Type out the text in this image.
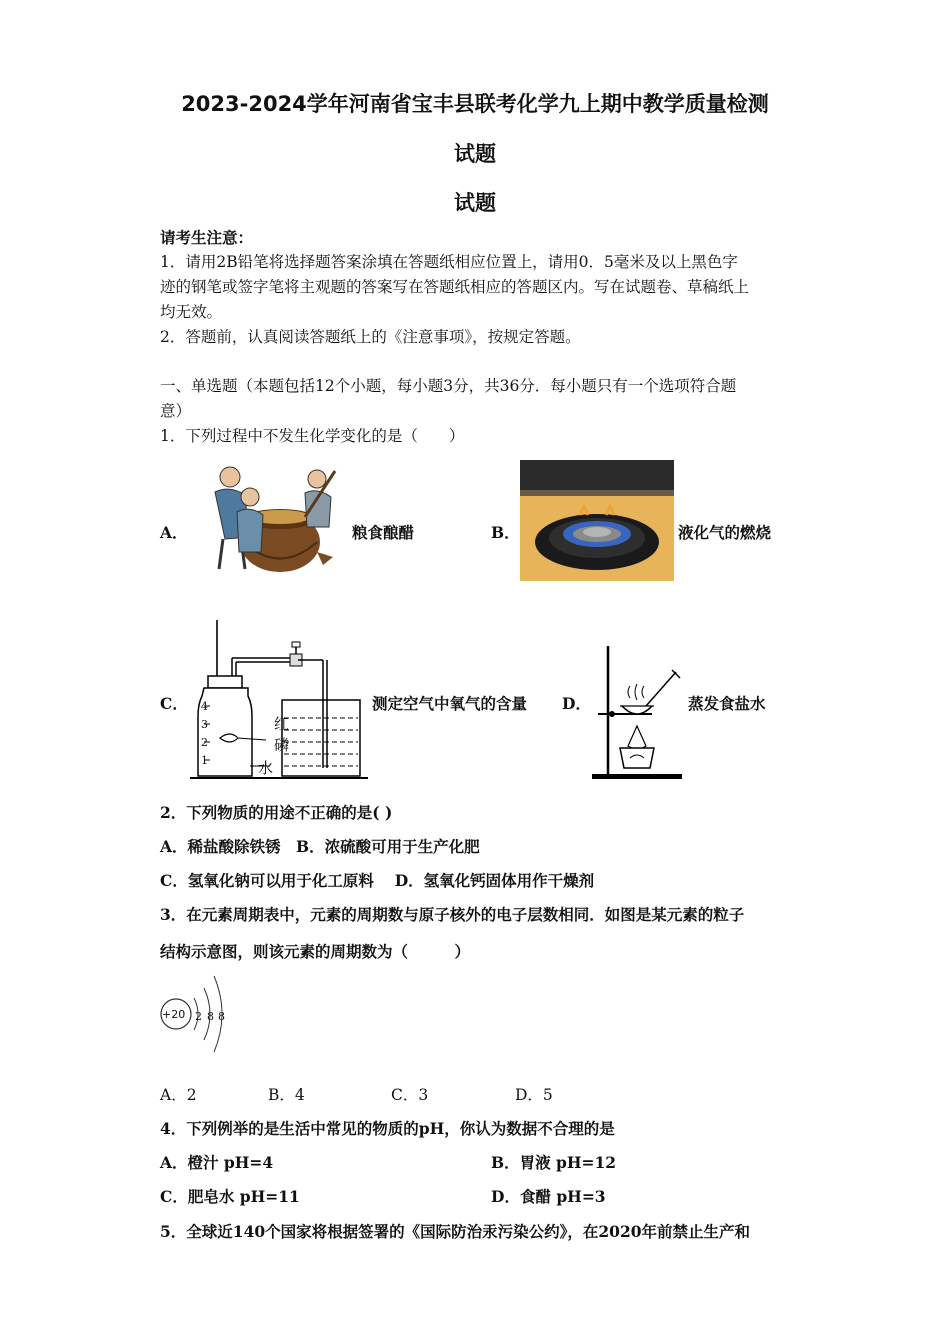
2023-2024学年河南省宝丰县联考化学九上期中教学质量检测
试题
试题
请考生注意：
1．请用2B铅笔将选择题答案涂填在答题纸相应位置上，请用0．5毫米及以上黑色字
迹的钢笔或签字笔将主观题的答案写在答题纸相应的答题区内。写在试题卷、草稿纸上
均无效。
2．答题前，认真阅读答题纸上的《注意事项》，按规定答题。
一、单选题（本题包括12个小题，每小题3分，共36分．每小题只有一个选项符合题
意）
1．下列过程中不发生化学变化的是（　　）
A．	粮食酿醋	B．	液化气的燃烧
C． 4
3
2
1
红
磷
水
测定空气中氧气的含量 D．	蒸发食盐水
2．下列物质的用途不正确的是( )
A．稀盐酸除铁锈　B．浓硫酸可用于生产化肥
C．氢氧化钠可以用于化工原料　 D．氢氧化钙固体用作干燥剂
3．在元素周期表中，元素的周期数与原子核外的电子层数相同．如图是某元素的粒子
结构示意图，则该元素的周期数为（　　　）
+20 2 8 8
A．2	B．4	C．3	D．5
4．下列例举的是生活中常见的物质的pH，你认为数据不合理的是
A．橙汁 pH=4	B．胃液 pH=12
C．肥皂水 pH=11	D．食醋 pH=3
5．全球近140个国家将根据签署的《国际防治汞污染公约》，在2020年前禁止生产和
